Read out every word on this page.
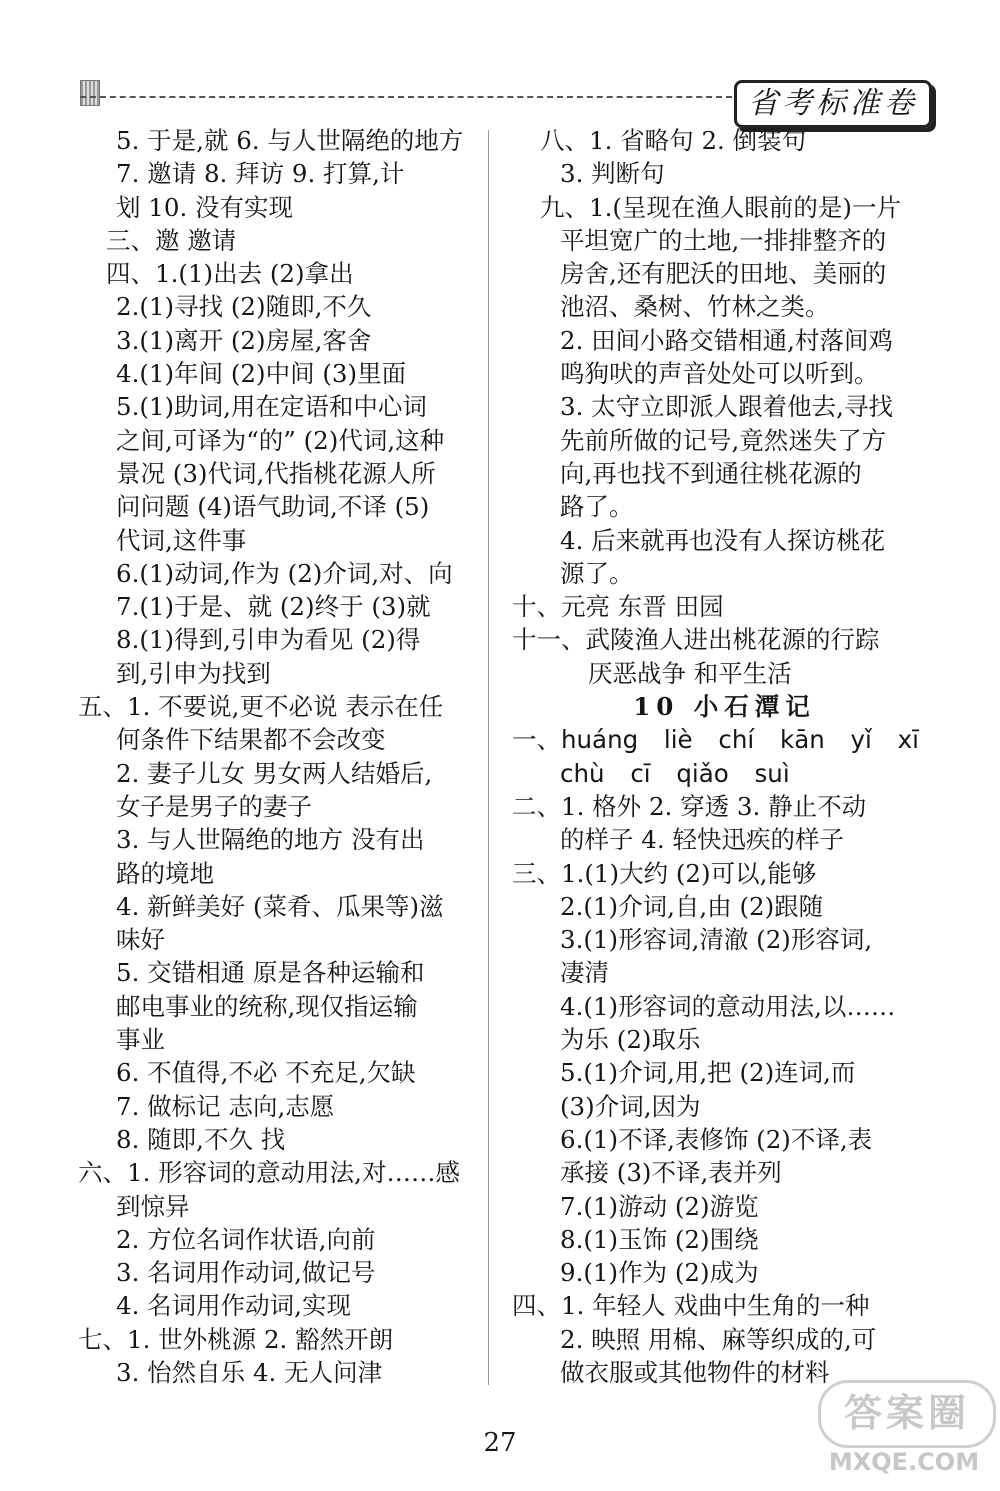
省考标准卷
5. 于是,就 6. 与人世隔绝的地方
7. 邀请 8. 拜访 9. 打算,计
划 10. 没有实现
三、邀 邀请
四、1.(1)出去 (2)拿出
2.(1)寻找 (2)随即,不久
3.(1)离开 (2)房屋,客舍
4.(1)年间 (2)中间 (3)里面
5.(1)助词,用在定语和中心词
之间,可译为“的” (2)代词,这种
景况 (3)代词,代指桃花源人所
问问题 (4)语气助词,不译 (5)
代词,这件事
6.(1)动词,作为 (2)介词,对、向
7.(1)于是、就 (2)终于 (3)就
8.(1)得到,引申为看见 (2)得
到,引申为找到
五、1. 不要说,更不必说 表示在任
何条件下结果都不会改变
2. 妻子儿女 男女两人结婚后,
女子是男子的妻子
3. 与人世隔绝的地方 没有出
路的境地
4. 新鲜美好 (菜肴、瓜果等)滋
味好
5. 交错相通 原是各种运输和
邮电事业的统称,现仅指运输
事业
6. 不值得,不必 不充足,欠缺
7. 做标记 志向,志愿
8. 随即,不久 找
六、1. 形容词的意动用法,对……感
到惊异
2. 方位名词作状语,向前
3. 名词用作动词,做记号
4. 名词用作动词,实现
七、1. 世外桃源 2. 豁然开朗
3. 怡然自乐 4. 无人问津
八、1. 省略句 2. 倒装句
3. 判断句
九、1.(呈现在渔人眼前的是)一片
平坦宽广的土地,一排排整齐的
房舍,还有肥沃的田地、美丽的
池沼、桑树、竹林之类。
2. 田间小路交错相通,村落间鸡
鸣狗吠的声音处处可以听到。
3. 太守立即派人跟着他去,寻找
先前所做的记号,竟然迷失了方
向,再也找不到通往桃花源的
路了。
4. 后来就再也没有人探访桃花
源了。
十、元亮 东晋 田园
十一、武陵渔人进出桃花源的行踪
厌恶战争 和平生活
10 小石潭记
一、huáng liè chí kān yǐ xī
chù cī qiǎo suì
二、1. 格外 2. 穿透 3. 静止不动
的样子 4. 轻快迅疾的样子
三、1.(1)大约 (2)可以,能够
2.(1)介词,自,由 (2)跟随
3.(1)形容词,清澈 (2)形容词,
凄清
4.(1)形容词的意动用法,以……
为乐 (2)取乐
5.(1)介词,用,把 (2)连词,而
(3)介词,因为
6.(1)不译,表修饰 (2)不译,表
承接 (3)不译,表并列
7.(1)游动 (2)游览
8.(1)玉饰 (2)围绕
9.(1)作为 (2)成为
四、1. 年轻人 戏曲中生角的一种
2. 映照 用棉、麻等织成的,可
做衣服或其他物件的材料
27
答案圈
MXQE.COM
